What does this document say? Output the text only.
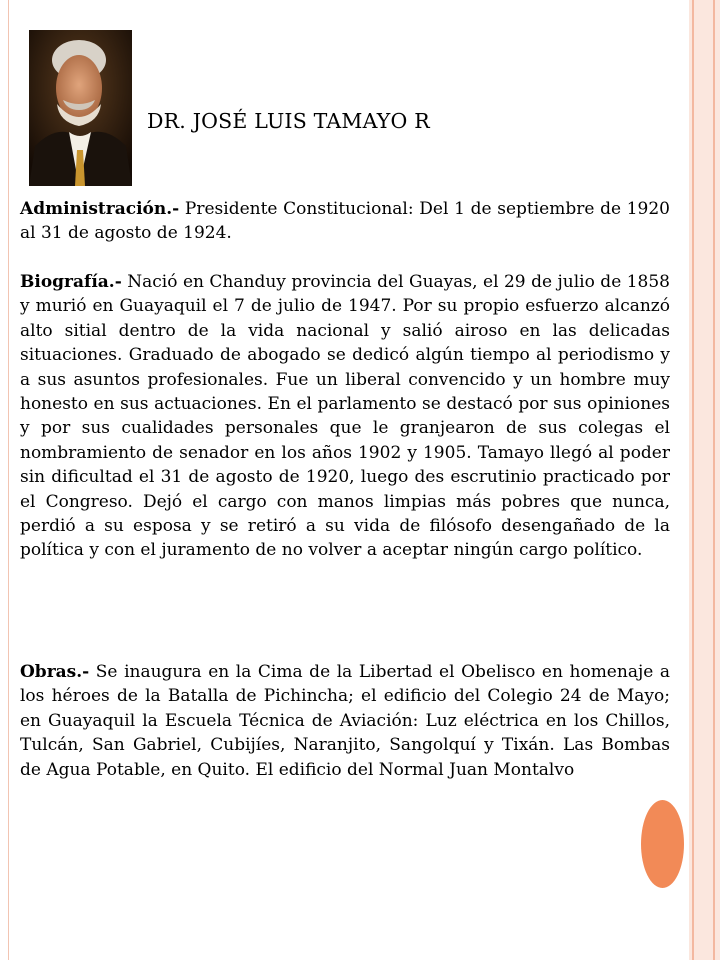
DR. JOSÉ LUIS TAMAYO R

Administración.- Presidente Constitucional: Del 1 de septiembre de 1920 al 31 de agosto de 1924.

Biografía.- Nació en Chanduy provincia del Guayas, el 29 de julio de 1858 y murió en Guayaquil el 7 de julio de 1947. Por su propio esfuerzo alcanzó alto sitial dentro de la vida nacional y salió airoso en las delicadas situaciones. Graduado de abogado se dedicó algún tiempo al periodismo y a sus asuntos profesionales. Fue un liberal convencido y un hombre muy honesto en sus actuaciones. En el parlamento se destacó por sus opiniones y por sus cualidades personales que le granjearon de sus colegas el nombramiento de senador en los años 1902 y 1905. Tamayo llegó al poder sin dificultad el 31 de agosto de 1920, luego des escrutinio practicado por el Congreso. Dejó el cargo con manos limpias más pobres que nunca, perdió a su esposa y se retiró a su vida de filósofo desengañado de la política y con el juramento de no volver a aceptar ningún cargo político.

Obras.- Se inaugura en la Cima de la Libertad el Obelisco en homenaje a los héroes de la Batalla de Pichincha; el edificio del Colegio 24 de Mayo; en Guayaquil la Escuela Técnica de Aviación: Luz eléctrica en los Chillos, Tulcán, San Gabriel, Cubijíes, Naranjito, Sangolquí y Tixán. Las Bombas de Agua Potable, en Quito. El edificio del Normal Juan Montalvo
